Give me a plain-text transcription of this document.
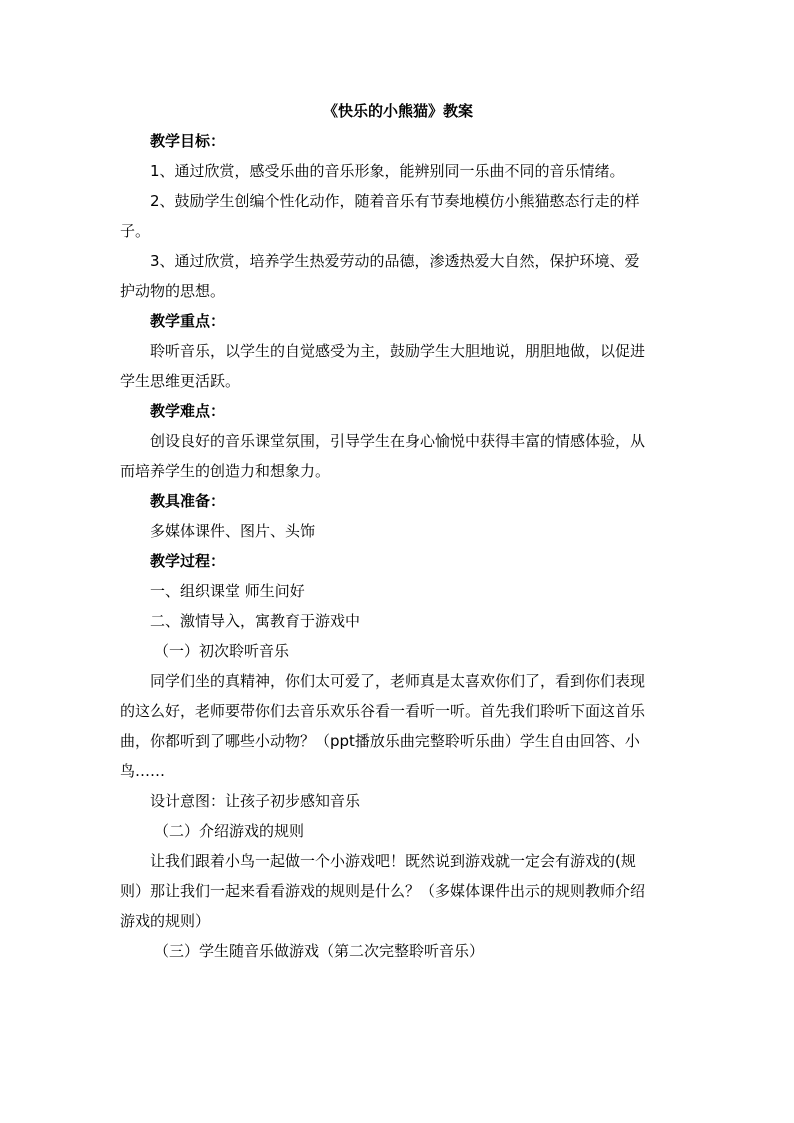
《快乐的小熊猫》教案

教学目标：

1、通过欣赏，感受乐曲的音乐形象，能辨别同一乐曲不同的音乐情绪。

2、鼓励学生创编个性化动作，随着音乐有节奏地模仿小熊猫憨态行走的样
子。
3、通过欣赏，培养学生热爱劳动的品德，渗透热爱大自然，保护环境、爱
护动物的思想。

教学重点：

聆听音乐，以学生的自觉感受为主，鼓励学生大胆地说，朋胆地做，以促进
学生思维更活跃。

教学难点：

创设良好的音乐课堂氛围，引导学生在身心愉悦中获得丰富的情感体验，从
而培养学生的创造力和想象力。

教具准备：

多媒体课件、图片、头饰

教学过程：

一、组织课堂 师生问好

二、激情导入，寓教育于游戏中

（一）初次聆听音乐

同学们坐的真精神，你们太可爱了，老师真是太喜欢你们了，看到你们表现
的这么好，老师要带你们去音乐欢乐谷看一看听一听。首先我们聆听下面这首乐
曲，你都听到了哪些小动物？（ppt播放乐曲完整聆听乐曲）学生自由回答、小
鸟……

设计意图：让孩子初步感知音乐

（二）介绍游戏的规则

让我们跟着小鸟一起做一个小游戏吧！既然说到游戏就一定会有游戏的(规
则）那让我们一起来看看游戏的规则是什么？（多媒体课件出示的规则教师介绍
游戏的规则）

（三）学生随音乐做游戏（第二次完整聆听音乐）
